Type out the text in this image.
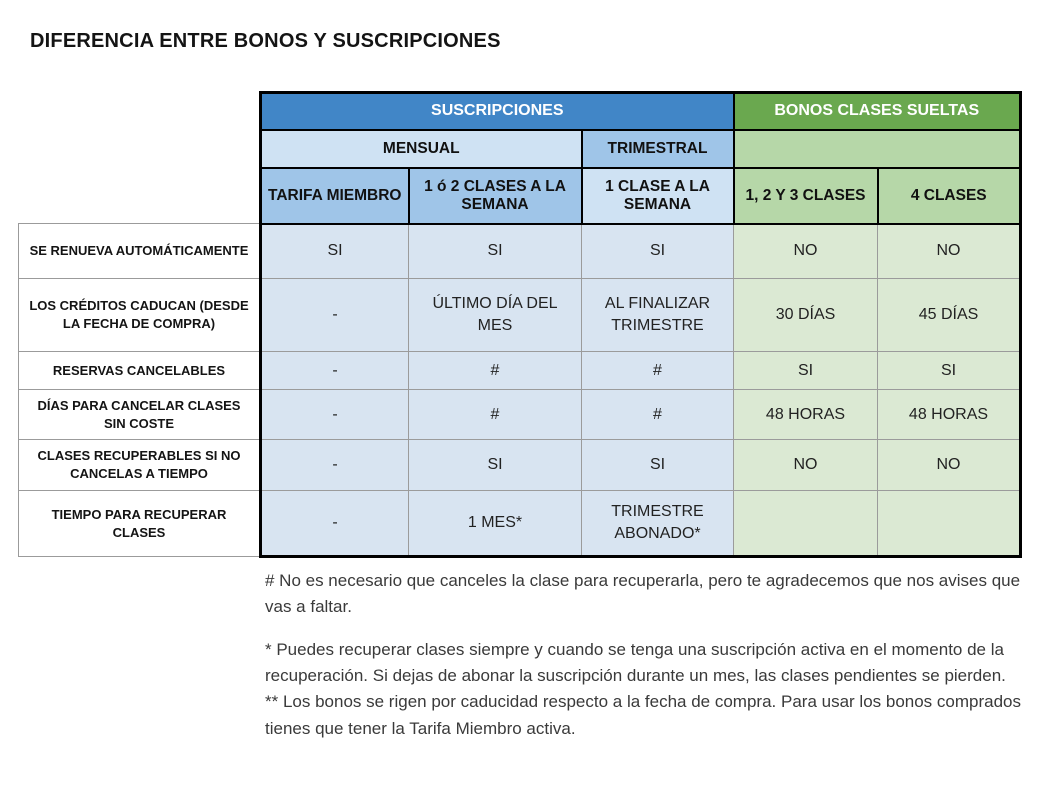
DIFERENCIA ENTRE BONOS Y SUSCRIPCIONES
	SUSCRIPCIONES			BONOS CLASES SUELTAS	
	MENSUAL		TRIMESTRAL		
	TARIFA MIEMBRO	1 ó 2 CLASES A LA SEMANA	1 CLASE A LA SEMANA	1, 2 Y 3 CLASES	4 CLASES
SE RENUEVA AUTOMÁTICAMENTE	SI	SI	SI	NO	NO
LOS CRÉDITOS CADUCAN (DESDE LA FECHA DE COMPRA)	-	ÚLTIMO DÍA DEL MES	AL FINALIZAR TRIMESTRE	30 DÍAS	45 DÍAS
RESERVAS CANCELABLES	-	#	#	SI	SI
DÍAS PARA CANCELAR CLASES SIN COSTE	-	#	#	48 HORAS	48 HORAS
CLASES RECUPERABLES SI NO CANCELAS A TIEMPO	-	SI	SI	NO	NO
TIEMPO PARA RECUPERAR CLASES	-	1 MES*	TRIMESTRE ABONADO*		

# No es necesario que canceles la clase para recuperarla, pero te agradecemos que nos avises que vas a faltar.

* Puedes recuperar clases siempre y cuando se tenga una suscripción activa en el momento de la recuperación. Si dejas de abonar la suscripción durante un mes, las clases pendientes se pierden.

** Los bonos se rigen por caducidad respecto a la fecha de compra. Para usar los bonos comprados tienes que tener la Tarifa Miembro activa.
